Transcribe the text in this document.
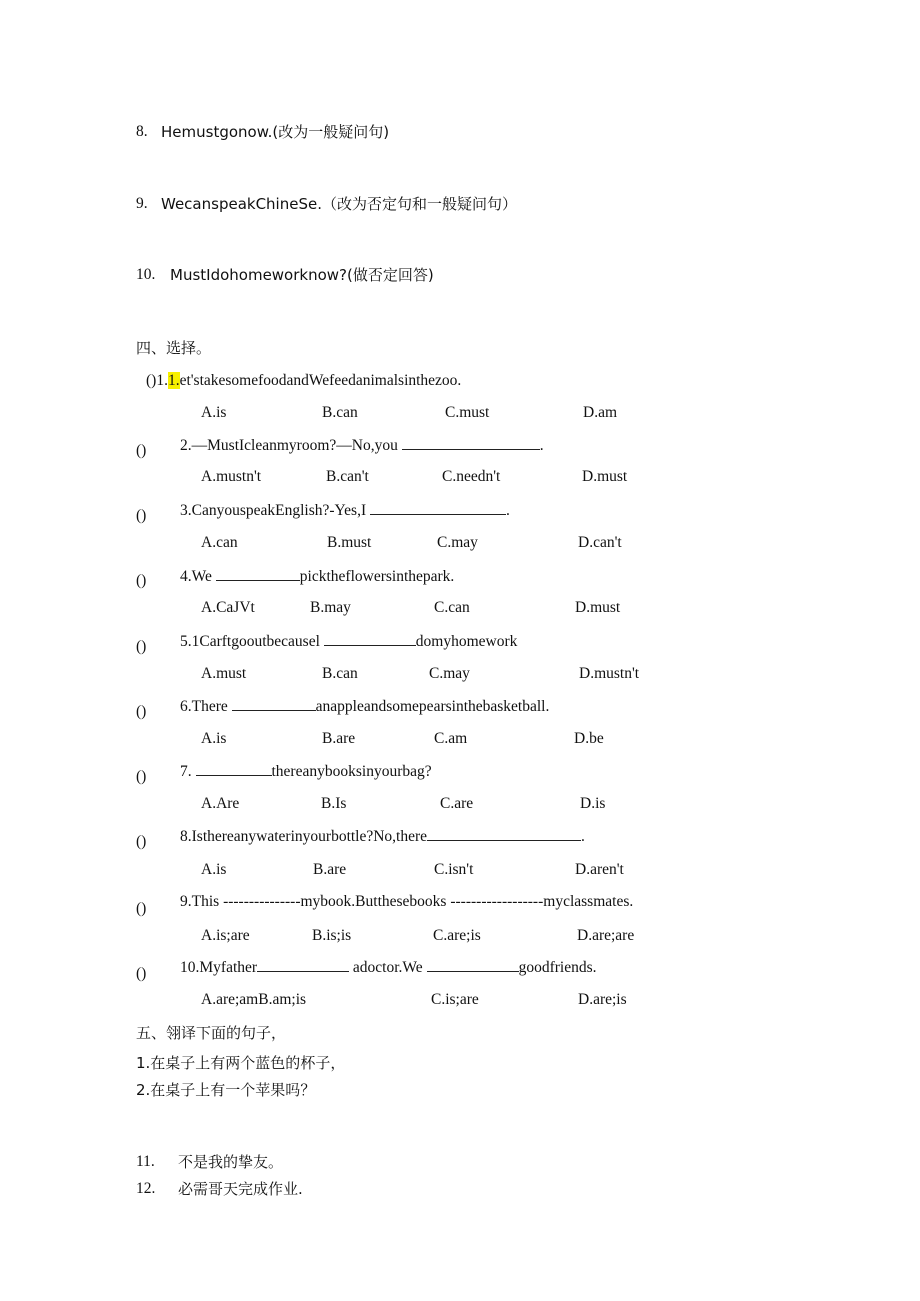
8. Hemustgonow.(改为一般疑问句)
9. WecanspeakChineSe.（改为否定句和一般疑问句）
10. MustIdohomeworknow?(做否定回答)
四、选择。
()1.1.et'stakesomefoodandWefeedanimalsinthezoo.
A.is	B.can	C.must	D.am
() 2.—MustIcleanmyroom?—No,you	.
A.mustn't	B.can't	C.needn't	D.must
() 3.CanyouspeakEnglish?-Yes,I	.
A.can	B.must	C.may	D.can't
() 4.We	picktheflowersinthepark.
A.CaJVt	B.may	C.can	D.must
() 5.1Carftgooutbecausel	domyhomework
A.must	B.can	C.may	D.mustn't
() 6.There	anappleandsomepearsinthebasketball.
A.is	B.are	C.am	D.be
() 7.	thereanybooksinyourbag?
A.Are	B.Is	C.are	D.is
() 8.Isthereanywaterinyourbottle?No,there	.
A.is	B.are	C.isn't	D.aren't
() 9.This ---------------mybook.Butthesebooks ------------------myclassmates.
A.is;are	B.is;is	C.are;is	D.are;are
() 10.Myfather	adoctor.We	goodfriends.
A.are;amB.am;is	C.is;are	D.are;is
五、翎译下面的句子，
1.在桌子上有两个蓝色的杯子，
2.在桌子上有一个苹果吗？
11. 不是我的挚友。
12. 必需哥天完成作业.
